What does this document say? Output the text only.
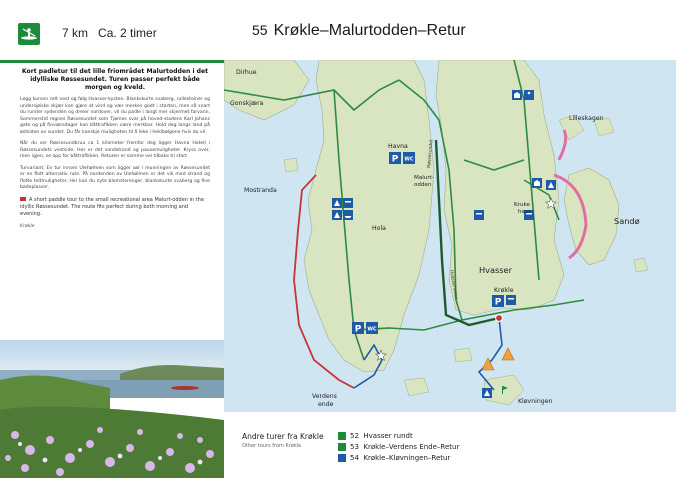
7 km Ca. 2 timer

Kort padletur til det lille friområdet Malurtodden i det idylliske Røssesundet. Turen passer perfekt både morgen og kveld.

Legg kursen rett vest og følg Hvasser-kysten. Blankskurte svaberg, rullesteiner og undersjøiske skjær kan gjøre at vind og vær merkes godt i starten, men så snart du runder sydenden og dreier nordover, vil du padle i langt mer skjermet farvann. Sommerstid regnes Røssesundet som Tjømes svar på hoved-stadens Karl Johans gate og på finværsdager kan båttrafikken være merkbar. Hold deg langs land på østsiden av sundet. Du får kanskje muligheten til å leke i heklbølgene hvis du vil.

Når du ser Røssesundbrua ca 1 kilometer fremfor deg ligger Havna Hotell i Røssesundets vestside. Her er det sandstrand og pausemuligheter. Kryss over, men igjen, se opp for båttrafikken. Returen er samme vei tilbake til start.

Turvariant: En tur innom Ulehølmen som ligger sør i munningen av Røssesundet er en flott alternativ rute. På nordenden av Ulehølmen er det vik med strand og flotte teltmuligheter. Her kan du nyte blomsterenger, blankskurte svaberg og fine badeplasser.

A short paddle tour to the small recreational area Malurt-odden in the idyllic Røssesundet. The route fits perfect during both morning and evening.

Krøkle

55 Krøkle–Malurtodden–Retur
P WC
P WC
P
Dirhue
Gonskjæra
Mostranda
Havna
Malurt-
odden
Hola
Lilleskagen
Kruke
havn
Sandø
Hvasser
Krøkle
Verdens
ende	Kløvningen
Røssesundet
Hvasserveien
Andre turer fra Krøkle
Other tours from Krøkle
52 Hvasser rundt
53 Krøkle–Verdens Ende–Retur
54 Krøkle–Kløvningen–Retur
